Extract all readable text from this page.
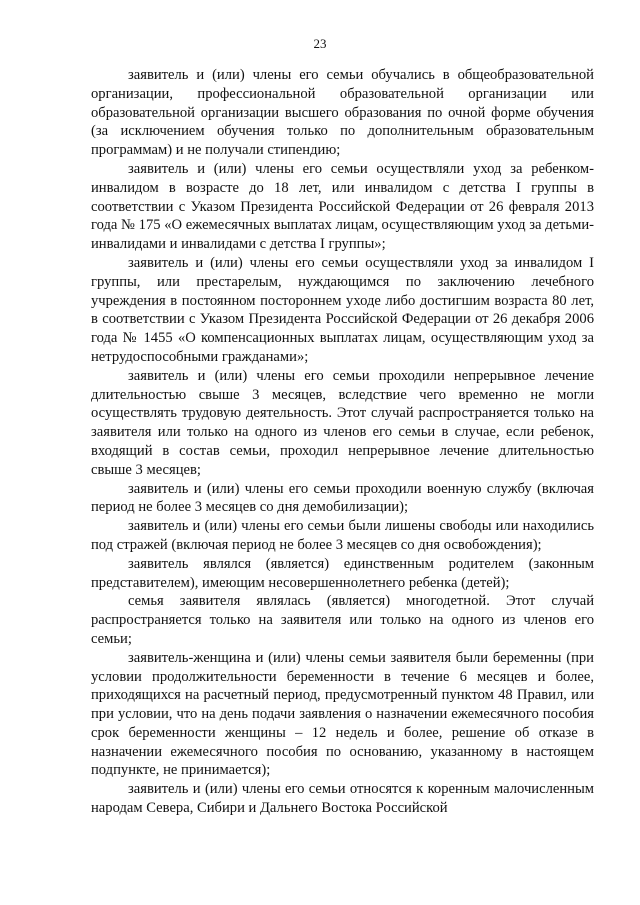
23

заявитель и (или) члены его семьи обучались в общеобразовательной организации, профессиональной образовательной организации или образовательной организации высшего образования по очной форме обучения (за исключением обучения только по дополнительным образовательным программам) и не получали стипендию;

заявитель и (или) члены его семьи осуществляли уход за ребенком-инвалидом в возрасте до 18 лет, или инвалидом с детства I группы в соответствии с Указом Президента Российской Федерации от 26 февраля 2013 года № 175 «О ежемесячных выплатах лицам, осуществляющим уход за детьми-инвалидами и инвалидами с детства I группы»;

заявитель и (или) члены его семьи осуществляли уход за инвалидом I группы, или престарелым, нуждающимся по заключению лечебного учреждения в постоянном постороннем уходе либо достигшим возраста 80 лет, в соответствии с Указом Президента Российской Федерации от 26 декабря 2006 года № 1455 «О компенсационных выплатах лицам, осуществляющим уход за нетрудоспособными гражданами»;

заявитель и (или) члены его семьи проходили непрерывное лечение длительностью свыше 3 месяцев, вследствие чего временно не могли осуществлять трудовую деятельность. Этот случай распространяется только на заявителя или только на одного из членов его семьи в случае, если ребенок, входящий в состав семьи, проходил непрерывное лечение длительностью свыше 3 месяцев;

заявитель и (или) члены его семьи проходили военную службу (включая период не более 3 месяцев со дня демобилизации);

заявитель и (или) члены его семьи были лишены свободы или находились под стражей (включая период не более 3 месяцев со дня освобождения);

заявитель являлся (является) единственным родителем (законным представителем), имеющим несовершеннолетнего ребенка (детей);

семья заявителя являлась (является) многодетной. Этот случай распространяется только на заявителя или только на одного из членов его семьи;

заявитель-женщина и (или) члены семьи заявителя были беременны (при условии продолжительности беременности в течение 6 месяцев и более, приходящихся на расчетный период, предусмотренный пунктом 48 Правил, или при условии, что на день подачи заявления о назначении ежемесячного пособия срок беременности женщины – 12 недель и более, решение об отказе в назначении ежемесячного пособия по основанию, указанному в настоящем подпункте, не принимается);

заявитель и (или) члены его семьи относятся к коренным малочисленным народам Севера, Сибири и Дальнего Востока Российской
